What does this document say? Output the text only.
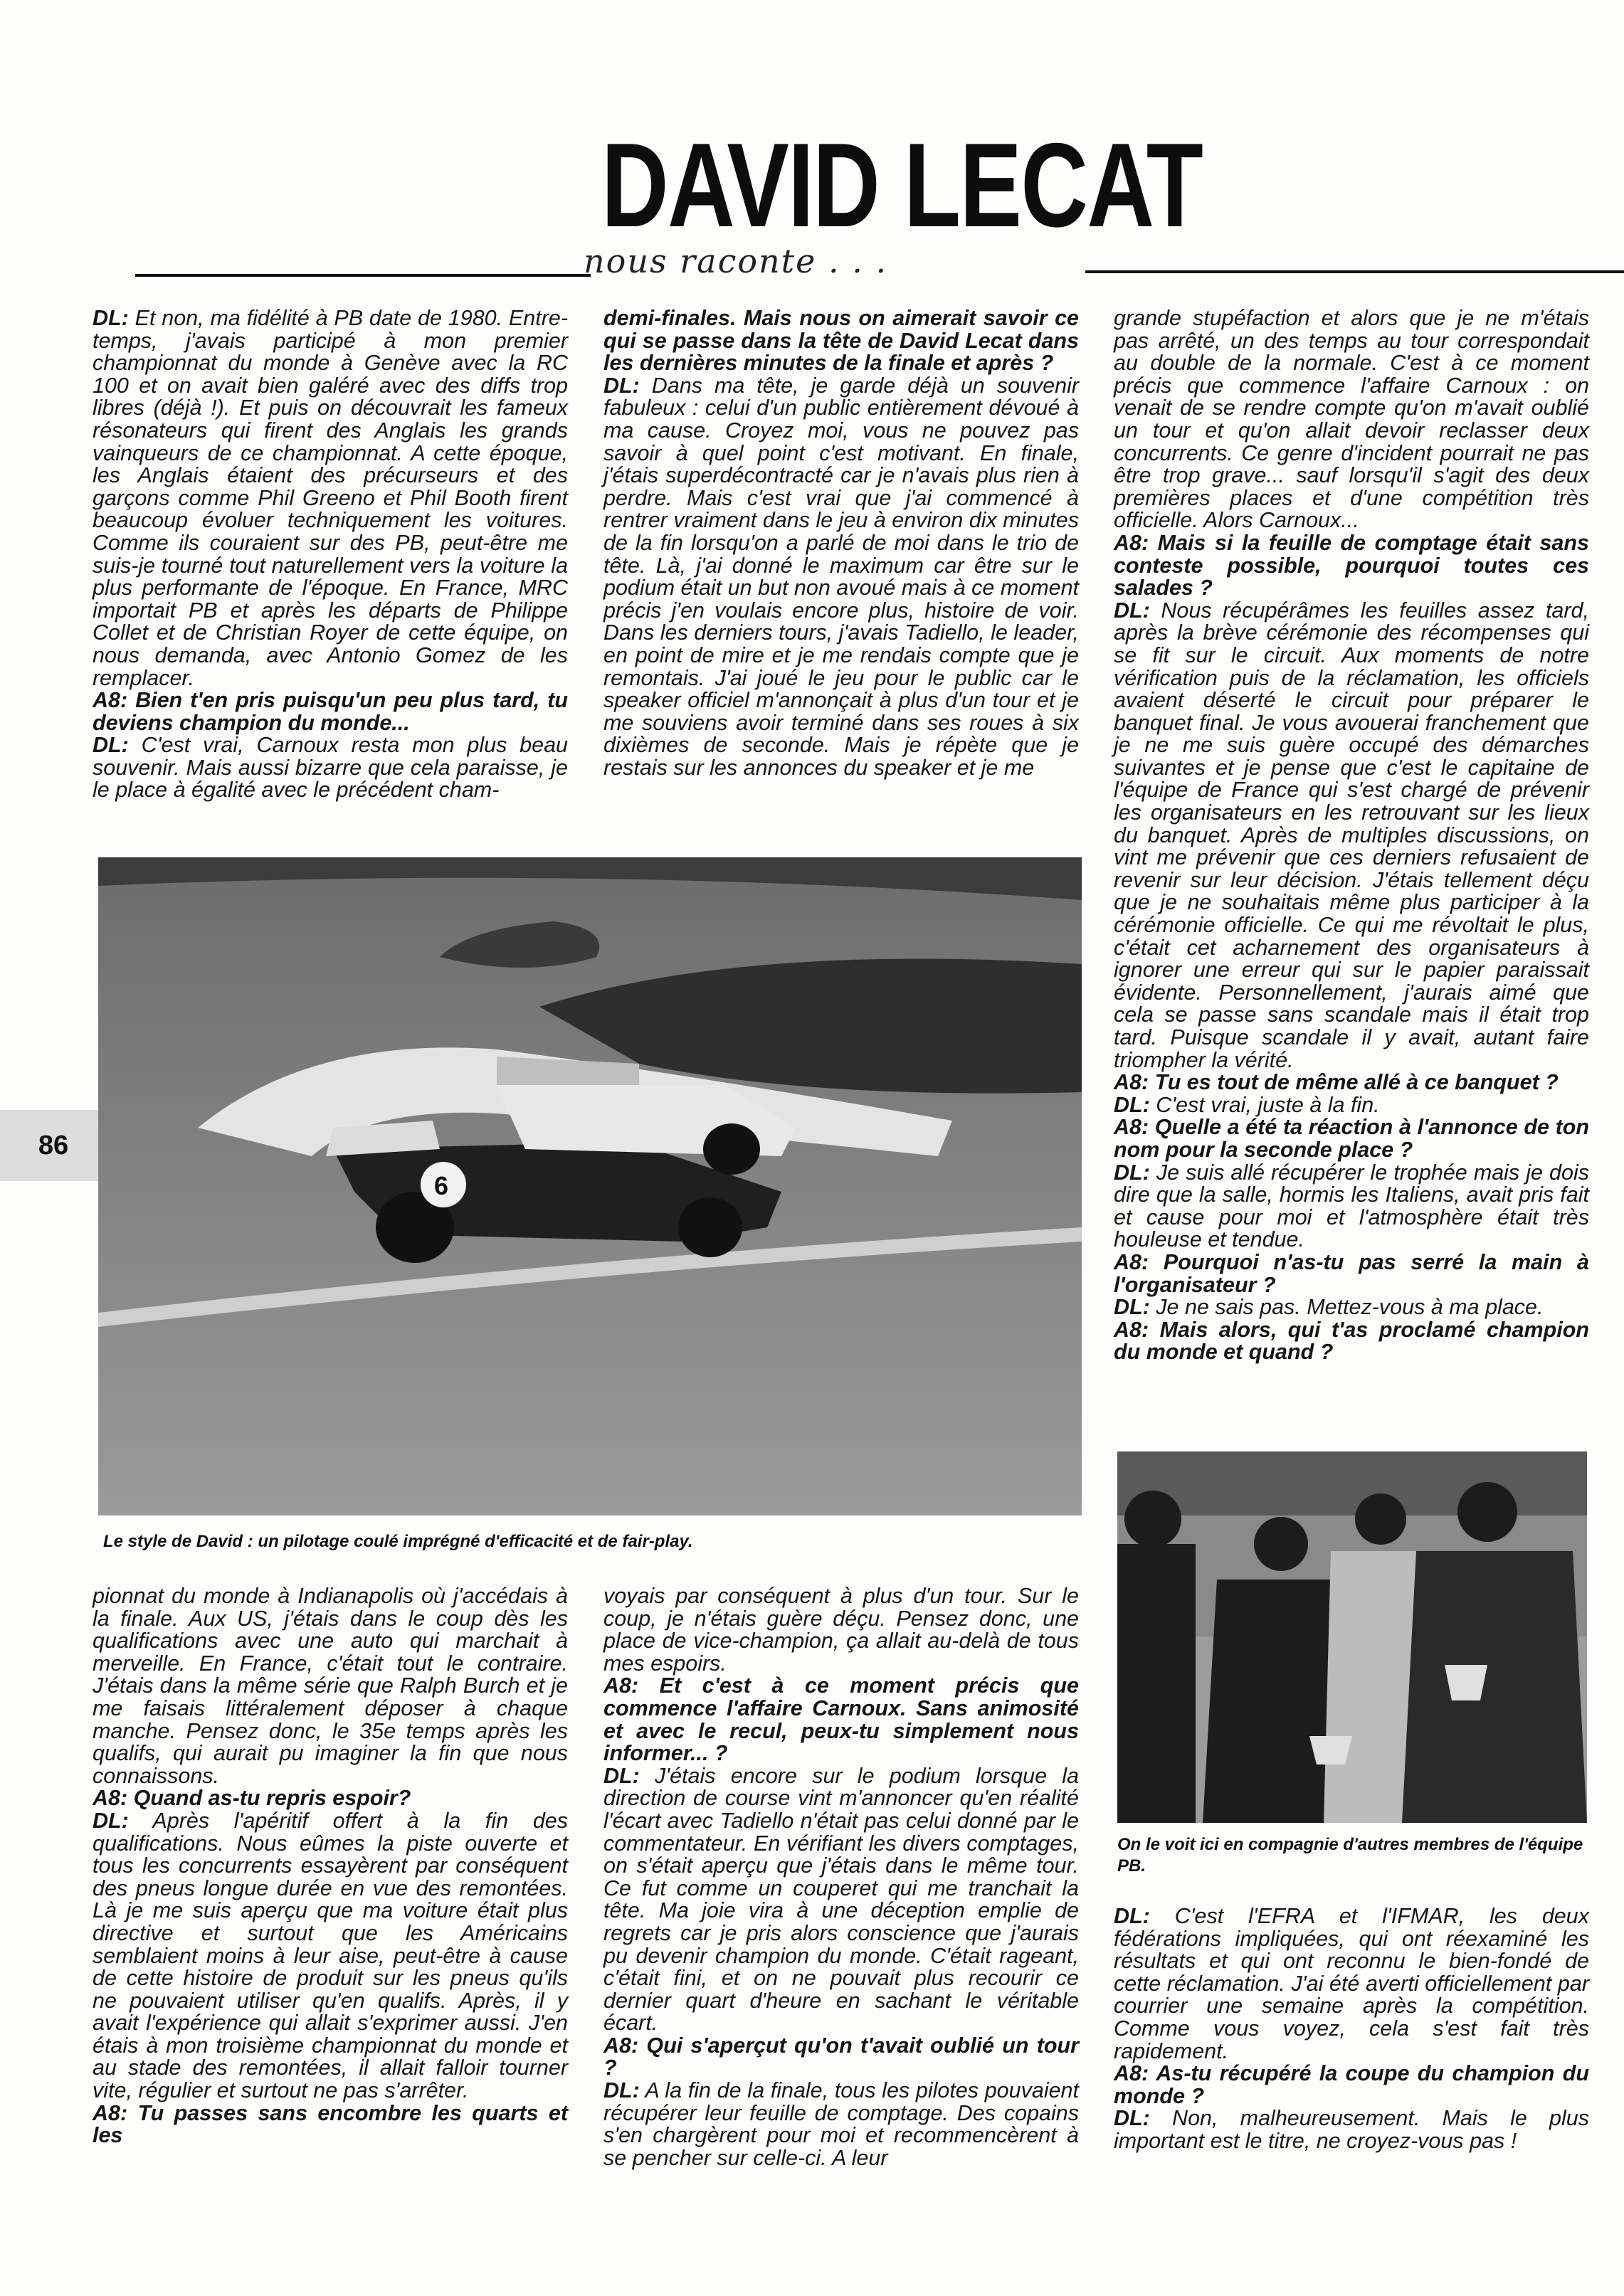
DAVID LECAT
nous raconte . . .
86

DL: Et non, ma fidélité à PB date de 1980. Entre-temps, j'avais participé à mon premier championnat du monde à Genève avec la RC 100 et on avait bien galéré avec des diffs trop libres (déjà !). Et puis on découvrait les fameux résonateurs qui firent des Anglais les grands vainqueurs de ce championnat. A cette époque, les Anglais étaient des précurseurs et des garçons comme Phil Greeno et Phil Booth firent beaucoup évoluer techniquement les voitures. Comme ils couraient sur des PB, peut-être me suis-je tourné tout naturellement vers la voiture la plus performante de l'époque. En France, MRC importait PB et après les départs de Philippe Collet et de Christian Royer de cette équipe, on nous demanda, avec Antonio Gomez de les remplacer.

A8: Bien t'en pris puisqu'un peu plus tard, tu deviens champion du monde...

DL: C'est vrai, Carnoux resta mon plus beau souvenir. Mais aussi bizarre que cela paraisse, je le place à égalité avec le précédent cham-

demi-finales. Mais nous on aimerait savoir ce qui se passe dans la tête de David Lecat dans les dernières minutes de la finale et après ?

DL: Dans ma tête, je garde déjà un souvenir fabuleux : celui d'un public entièrement dévoué à ma cause. Croyez moi, vous ne pouvez pas savoir à quel point c'est motivant. En finale, j'étais superdécontracté car je n'avais plus rien à perdre. Mais c'est vrai que j'ai commencé à rentrer vraiment dans le jeu à environ dix minutes de la fin lorsqu'on a parlé de moi dans le trio de tête. Là, j'ai donné le maximum car être sur le podium était un but non avoué mais à ce moment précis j'en voulais encore plus, histoire de voir. Dans les derniers tours, j'avais Tadiello, le leader, en point de mire et je me rendais compte que je remontais. J'ai joué le jeu pour le public car le speaker officiel m'annonçait à plus d'un tour et je me souviens avoir terminé dans ses roues à six dixièmes de seconde. Mais je répète que je restais sur les annonces du speaker et je me

grande stupéfaction et alors que je ne m'étais pas arrêté, un des temps au tour correspondait au double de la normale. C'est à ce moment précis que commence l'affaire Carnoux : on venait de se rendre compte qu'on m'avait oublié un tour et qu'on allait devoir reclasser deux concurrents. Ce genre d'incident pourrait ne pas être trop grave... sauf lorsqu'il s'agit des deux premières places et d'une compétition très officielle. Alors Carnoux...

A8: Mais si la feuille de comptage était sans conteste possible, pourquoi toutes ces salades ?

DL: Nous récupérâmes les feuilles assez tard, après la brève cérémonie des récompenses qui se fit sur le circuit. Aux moments de notre vérification puis de la réclamation, les officiels avaient déserté le circuit pour préparer le banquet final. Je vous avouerai franchement que je ne me suis guère occupé des démarches suivantes et je pense que c'est le capitaine de l'équipe de France qui s'est chargé de prévenir les organisateurs en les retrouvant sur les lieux du banquet. Après de multiples discussions, on vint me prévenir que ces derniers refusaient de revenir sur leur décision. J'étais tellement déçu que je ne souhaitais même plus participer à la cérémonie officielle. Ce qui me révoltait le plus, c'était cet acharnement des organisateurs à ignorer une erreur qui sur le papier paraissait évidente. Personnellement, j'aurais aimé que cela se passe sans scandale mais il était trop tard. Puisque scandale il y avait, autant faire triompher la vérité.

A8: Tu es tout de même allé à ce banquet ?

DL: C'est vrai, juste à la fin.

A8: Quelle a été ta réaction à l'annonce de ton nom pour la seconde place ?

DL: Je suis allé récupérer le trophée mais je dois dire que la salle, hormis les Italiens, avait pris fait et cause pour moi et l'atmosphère était très houleuse et tendue.

A8: Pourquoi n'as-tu pas serré la main à l'organisateur ?

DL: Je ne sais pas. Mettez-vous à ma place.

A8: Mais alors, qui t'as proclamé champion du monde et quand ?

6
Le style de David : un pilotage coulé imprégné d'efficacité et de fair-play.
On le voit ici en compagnie d'autres membres de l'équipe PB.

pionnat du monde à Indianapolis où j'accédais à la finale. Aux US, j'étais dans le coup dès les qualifications avec une auto qui marchait à merveille. En France, c'était tout le contraire. J'étais dans la même série que Ralph Burch et je me faisais littéralement déposer à chaque manche. Pensez donc, le 35e temps après les qualifs, qui aurait pu imaginer la fin que nous connaissons.

A8: Quand as-tu repris espoir?

DL: Après l'apéritif offert à la fin des qualifications. Nous eûmes la piste ouverte et tous les concurrents essayèrent par conséquent des pneus longue durée en vue des remontées. Là je me suis aperçu que ma voiture était plus directive et surtout que les Américains semblaient moins à leur aise, peut-être à cause de cette histoire de produit sur les pneus qu'ils ne pouvaient utiliser qu'en qualifs. Après, il y avait l'expérience qui allait s'exprimer aussi. J'en étais à mon troisième championnat du monde et au stade des remontées, il allait falloir tourner vite, régulier et surtout ne pas s'arrêter.

A8: Tu passes sans encombre les quarts et les

voyais par conséquent à plus d'un tour. Sur le coup, je n'étais guère déçu. Pensez donc, une place de vice-champion, ça allait au-delà de tous mes espoirs.

A8: Et c'est à ce moment précis que commence l'affaire Carnoux. Sans animosité et avec le recul, peux-tu simplement nous informer... ?

DL: J'étais encore sur le podium lorsque la direction de course vint m'annoncer qu'en réalité l'écart avec Tadiello n'était pas celui donné par le commentateur. En vérifiant les divers comptages, on s'était aperçu que j'étais dans le même tour. Ce fut comme un couperet qui me tranchait la tête. Ma joie vira à une déception emplie de regrets car je pris alors conscience que j'aurais pu devenir champion du monde. C'était rageant, c'était fini, et on ne pouvait plus recourir ce dernier quart d'heure en sachant le véritable écart.

A8: Qui s'aperçut qu'on t'avait oublié un tour ?

DL: A la fin de la finale, tous les pilotes pouvaient récupérer leur feuille de comptage. Des copains s'en chargèrent pour moi et recommencèrent à se pencher sur celle-ci. A leur

DL: C'est l'EFRA et l'IFMAR, les deux fédérations impliquées, qui ont réexaminé les résultats et qui ont reconnu le bien-fondé de cette réclamation. J'ai été averti officiellement par courrier une semaine après la compétition. Comme vous voyez, cela s'est fait très rapidement.

A8: As-tu récupéré la coupe du champion du monde ?

DL: Non, malheureusement. Mais le plus important est le titre, ne croyez-vous pas !
